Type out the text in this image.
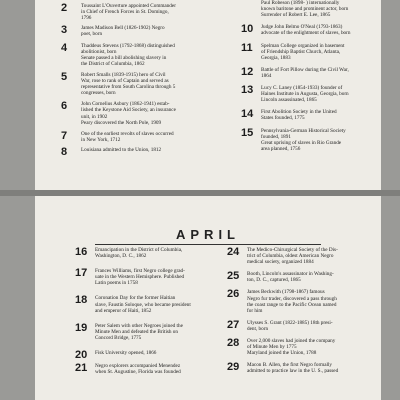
2	Toussaint L'Ouverture appointed Commander

in Chief of French Forces in St. Domingo,

1796

3	James Madison Bell (1826-1902) Negro

poet, born

4	Thaddeus Stevens (1792-1868) distinguished

abolitionist, born

Senate passed a bill abolishing slavery in

the District of Columbia, 1862

5	Robert Smalls (1839-1915) hero of Civil

War, rose to rank of Captain and served as

representative from South Carolina through 5

congresses, born

6	John Cornelius Asbury (1862-1941) estab-

lished the Keystone Aid Society, an insurance

unit, in 1902

Peary discovered the North Pole, 1909

7	One of the earliest revolts of slaves occurred

in New York, 1712

8	Louisiana admitted to the Union, 1812

Paul Robeson (1898- ) internationally

known baritone and prominent actor, born

Surrender of Robert E. Lee, 1865

10 Judge John Belmo O'Neal (1793-1863)

advocate of the enlightment of slaves, born

11 Spelman College organized in basement

of Friendship Baptist Church, Atlanta,

Georgia, 1883

12 Battle of Fort Pillow during the Civil War,

1864

13 Lucy C. Laney (1854-1933) founder of

Haines Institute in Augusta, Georgia, born

Lincoln assassinated, 1865

14 First Abolition Society in the United

States founded, 1775

15 Pennsylvania-German Historical Society

founded, 1891

Great uprising of slaves in Rio Grande

area planned, 1756

APRIL
16 Emancipation in the District of Columbia,

Washington, D. C., 1862

17 Frances Williams, first Negro college grad-

uate in the Western Hemisphere. Published

Latin poems in 1758

18 Coronation Day for the former Haitian

slave, Faustin Soloque, who became president

and emperor of Haiti, 1852

19 Peter Salem with other Negroes joined the

Minute Men and defeated the British on

Concord Bridge, 1775

20 Fisk University opened, 1866

21 Negro explorers accompanied Menendez

when St. Augustine, Florida was founded

24 The Medico-Chirurgical Society of the Dis-

trict of Columbia, oldest American Negro

medical society, organized 1884

25 Booth, Lincoln's assassinator in Washing-

ton, D. C., captured, 1865

26 James Beckwith (1798-1867) famous

Negro fur trader, discovered a pass through

the coast range to the Pacific Ocean named

for him

27 Ulysses S. Grant (1822-1885) 18th presi-

dent, born

28 Over 2,000 slaves had joined the company

of Minute Men by 1775

Maryland joined the Union, 1788

29 Macon B. Allen, the first Negro formally

admitted to practice law in the U. S., passed
